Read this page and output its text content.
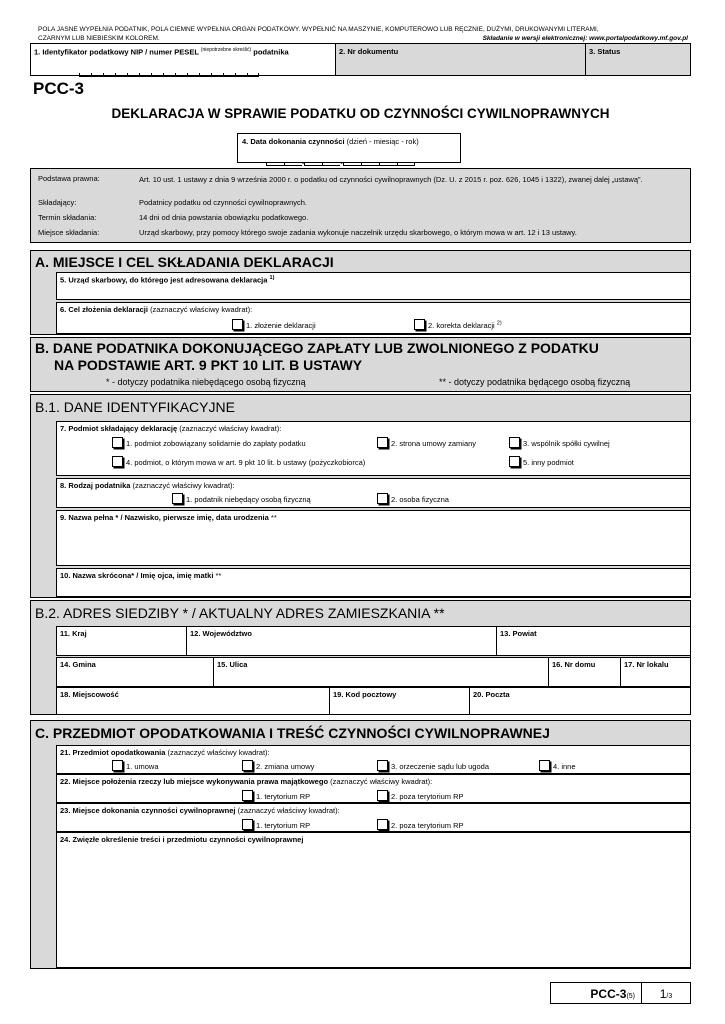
POLA JASNE WYPEŁNIA PODATNIK, POLA CIEMNE WYPEŁNIA ORGAN PODATKOWY. WYPEŁNIĆ NA MASZYNIE, KOMPUTEROWO LUB RĘCZNIE, DUŻYMI, DRUKOWANYMI LITERAMI,
CZARNYM LUB NIEBIESKIM KOLOREM.	Składanie w wersji elektronicznej: www.portalpodatkowy.mf.gov.pl
1. Identyfikator podatkowy NIP / numer PESEL $^{(niepotrzebne skreślić)}$ podatnika	2. Nr dokumentu	3. Status
PCC-3
DEKLARACJA W SPRAWIE PODATKU OD CZYNNOŚCI CYWILNOPRAWNYCH
4. Data dokonania czynności (dzień - miesiąc - rok)
-	-
Podstawa prawna:	Art. 10 ust. 1 ustawy z dnia 9 września 2000 r. o podatku od czynności cywilnoprawnych (Dz. U. z 2015 r. poz. 626, 1045 i 1322), zwanej dalej „ustawą”.
Składający:	Podatnicy podatku od czynności cywilnoprawnych.
Termin składania:	14 dni od dnia powstania obowiązku podatkowego.
Miejsce składania:	Urząd skarbowy, przy pomocy którego swoje zadania wykonuje naczelnik urzędu skarbowego, o którym mowa w art. 12 i 13 ustawy.
A. MIEJSCE I CEL SKŁADANIA DEKLARACJI
5. Urząd skarbowy, do którego jest adresowana deklaracja $^{1)}$
6. Cel złożenia deklaracji (zaznaczyć właściwy kwadrat):
1. złożenie deklaracji	2. korekta deklaracji $^{2)}$
B. DANE PODATNIKA DOKONUJĄCEGO ZAPŁATY LUB ZWOLNIONEGO Z PODATKU
NA PODSTAWIE ART. 9 PKT 10 LIT. B USTAWY
* - dotyczy podatnika niebędącego osobą fizyczną	** - dotyczy podatnika będącego osobą fizyczną
B.1. DANE IDENTYFIKACYJNE
7. Podmiot składający deklarację (zaznaczyć właściwy kwadrat):
1. podmiot zobowiązany solidarnie do zapłaty podatku	2. strona umowy zamiany	3. wspólnik spółki cywilnej
4. podmiot, o którym mowa w art. 9 pkt 10 lit. b ustawy (pożyczkobiorca)	5. inny podmiot
8. Rodzaj podatnika (zaznaczyć właściwy kwadrat):
1. podatnik niebędący osobą fizyczną	2. osoba fizyczna
9. Nazwa pełna * / Nazwisko, pierwsze imię, data urodzenia **
10. Nazwa skrócona* / Imię ojca, imię matki **
B.2. ADRES SIEDZIBY * / AKTUALNY ADRES ZAMIESZKANIA **
11. Kraj	12. Województwo	13. Powiat
14. Gmina	15. Ulica	16. Nr domu	17. Nr lokalu
18. Miejscowość	19. Kod pocztowy	20. Poczta
C. PRZEDMIOT OPODATKOWANIA I TREŚĆ CZYNNOŚCI CYWILNOPRAWNEJ
21. Przedmiot opodatkowania (zaznaczyć właściwy kwadrat):
1. umowa	2. zmiana umowy	3. orzeczenie sądu lub ugoda	4. inne
22. Miejsce położenia rzeczy lub miejsce wykonywania prawa majątkowego (zaznaczyć właściwy kwadrat):
1. terytorium RP	2. poza terytorium RP
23. Miejsce dokonania czynności cywilnoprawnej (zaznaczyć właściwy kwadrat):
1. terytorium RP	2. poza terytorium RP
24. Zwięzłe określenie treści i przedmiotu czynności cywilnoprawnej
PCC-3(5)	1/3
